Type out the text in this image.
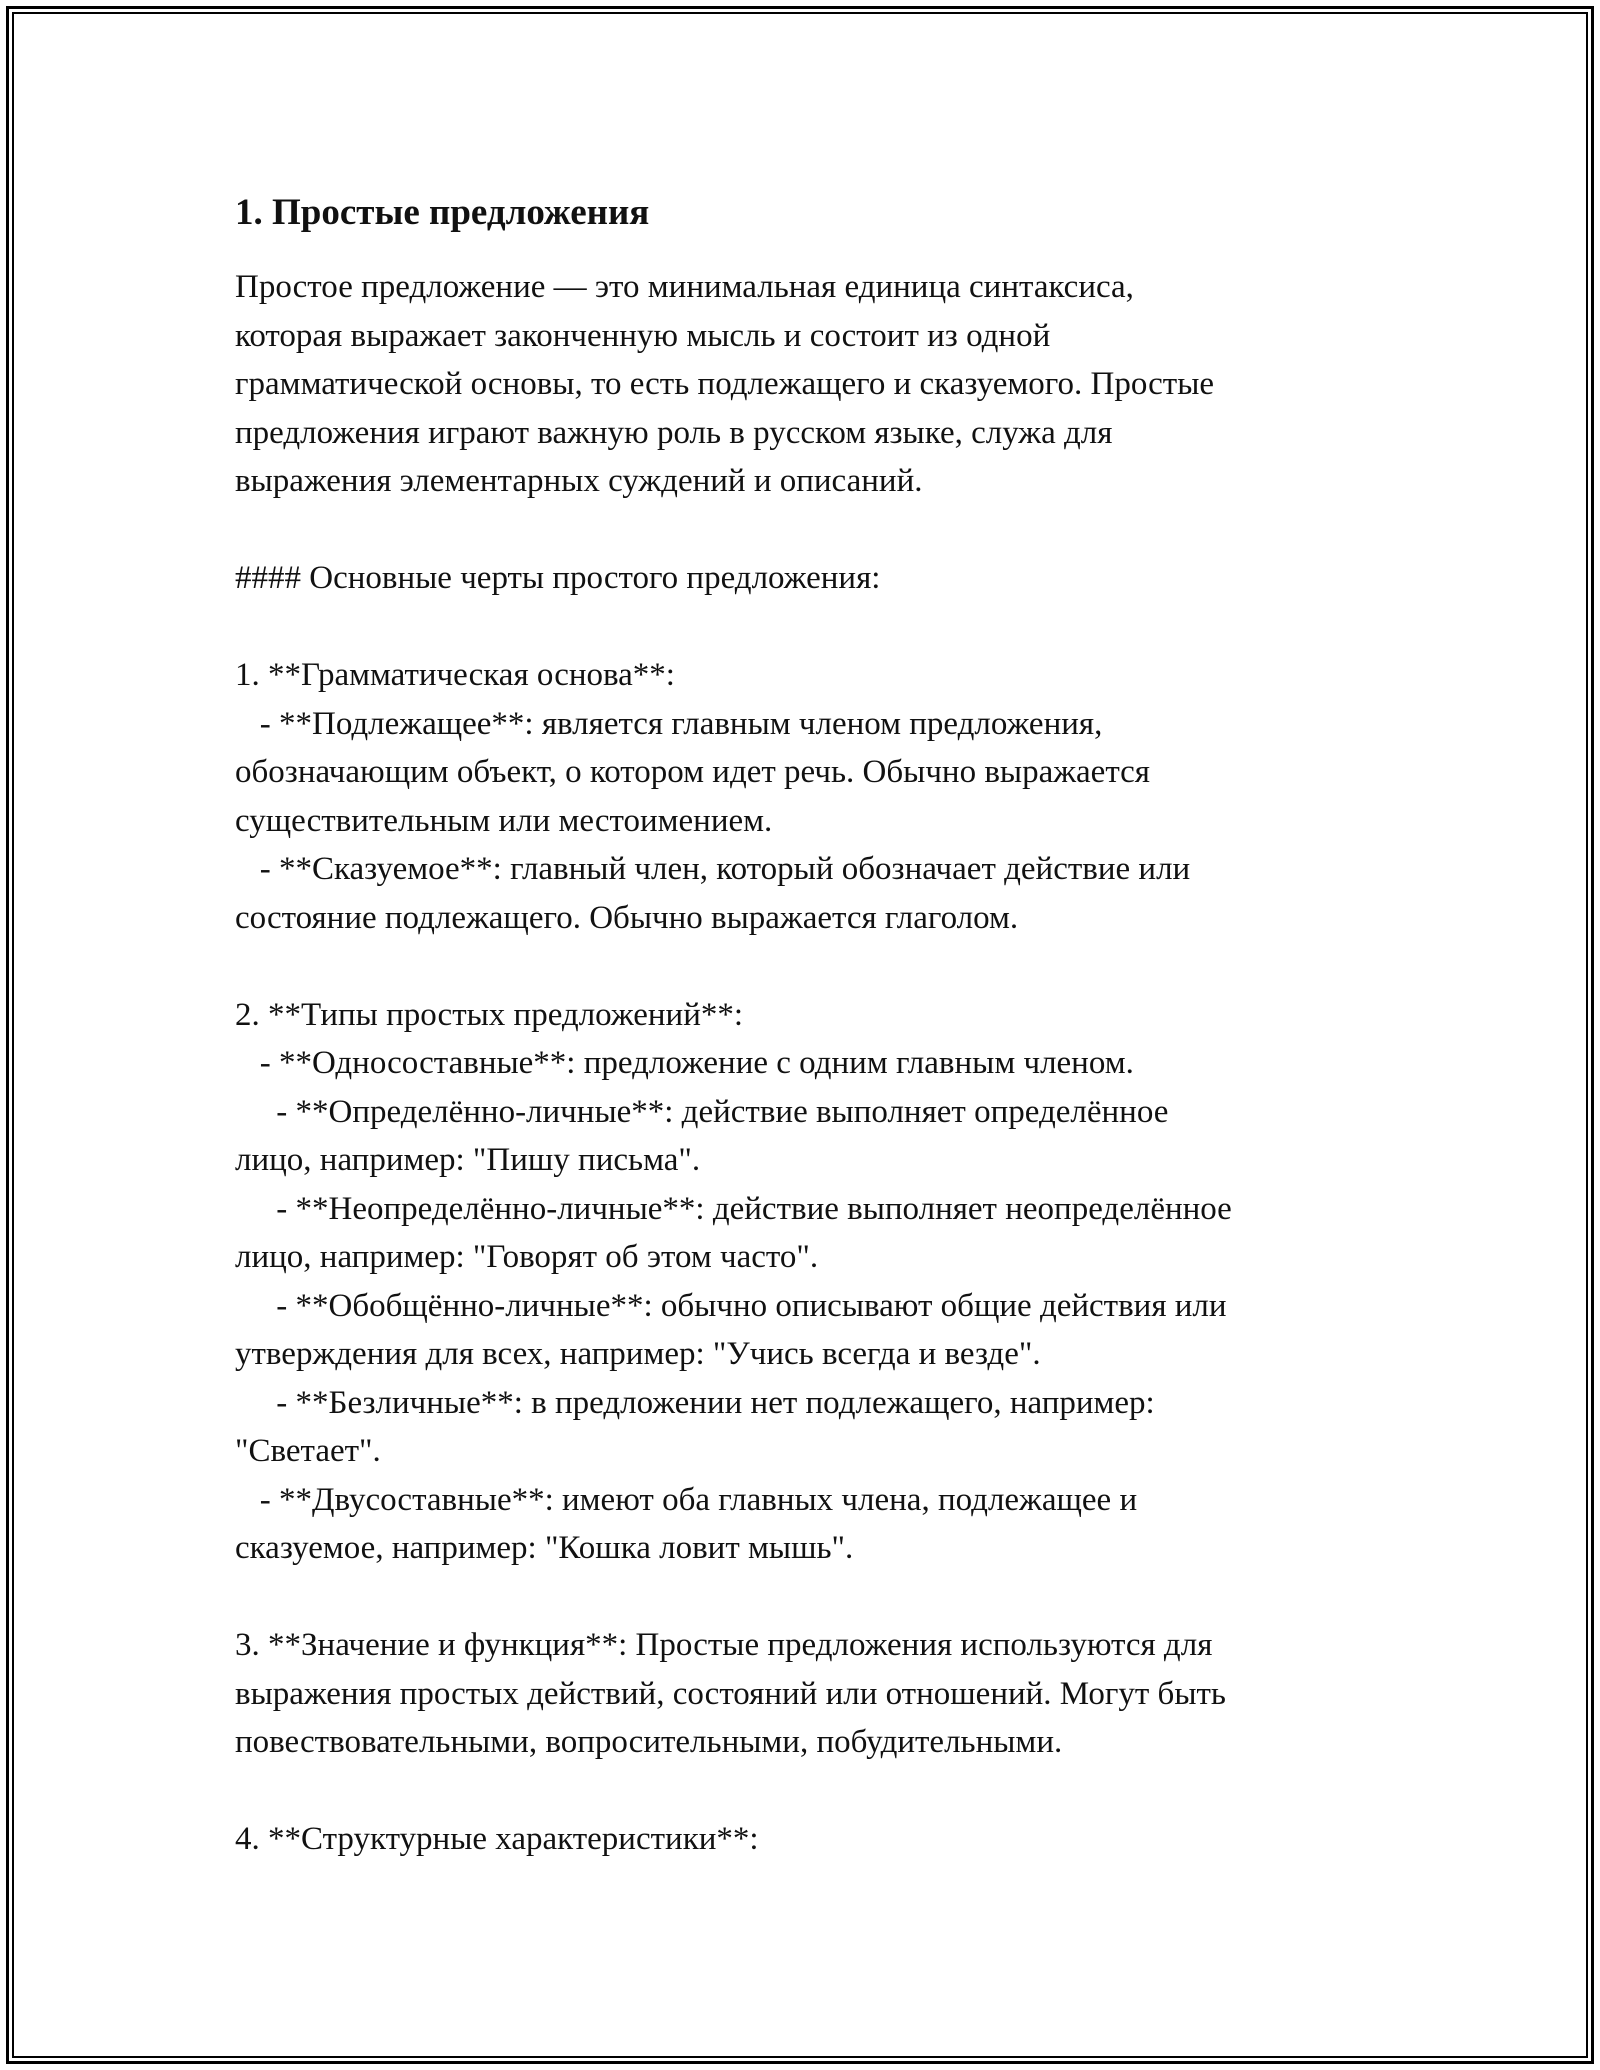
1. Простые предложения
Простое предложение — это минимальная единица синтаксиса,
которая выражает законченную мысль и состоит из одной
грамматической основы, то есть подлежащего и сказуемого. Простые
предложения играют важную роль в русском языке, служа для
выражения элементарных суждений и описаний.
#### Основные черты простого предложения:
1. **Грамматическая основа**:
- **Подлежащее**: является главным членом предложения,
обозначающим объект, о котором идет речь. Обычно выражается
существительным или местоимением.
- **Сказуемое**: главный член, который обозначает действие или
состояние подлежащего. Обычно выражается глаголом.
2. **Типы простых предложений**:
- **Односоставные**: предложение с одним главным членом.
- **Определённо-личные**: действие выполняет определённое
лицо, например: "Пишу письма".
- **Неопределённо-личные**: действие выполняет неопределённое
лицо, например: "Говорят об этом часто".
- **Обобщённо-личные**: обычно описывают общие действия или
утверждения для всех, например: "Учись всегда и везде".
- **Безличные**: в предложении нет подлежащего, например:
"Светает".
- **Двусоставные**: имеют оба главных члена, подлежащее и
сказуемое, например: "Кошка ловит мышь".
3. **Значение и функция**: Простые предложения используются для
выражения простых действий, состояний или отношений. Могут быть
повествовательными, вопросительными, побудительными.
4. **Структурные характеристики**:
